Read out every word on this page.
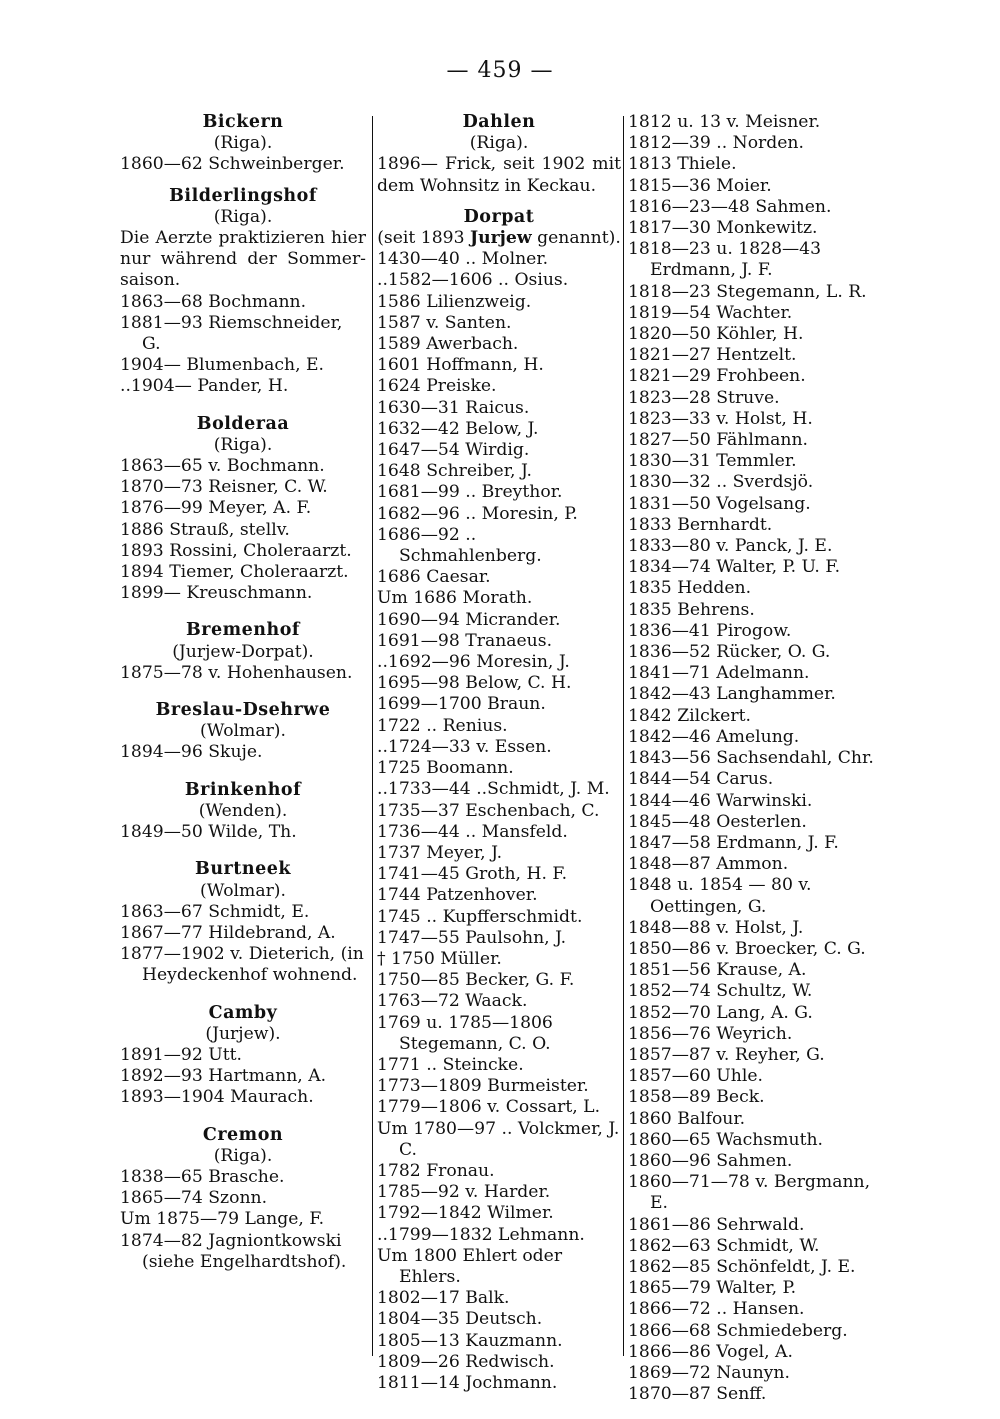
— 459 —
Bickern
(Riga).
1860—62 Schweinberger.
Bilderlingshof
(Riga).
Die Aerzte praktizieren hier nur während der Sommer-saison.
1863—68 Bochmann.
1881—93 Riemschneider, G.
1904— Blumenbach, E.
..1904— Pander, H.
Bolderaa
(Riga).
1863—65 v. Bochmann.
1870—73 Reisner, C. W.
1876—99 Meyer, A. F.
1886 Strauß, stellv.
1893 Rossini, Choleraarzt.
1894 Tiemer, Choleraarzt.
1899— Kreuschmann.
Bremenhof
(Jurjew-Dorpat).
1875—78 v. Hohenhausen.
Breslau-Dsehrwe
(Wolmar).
1894—96 Skuje.
Brinkenhof
(Wenden).
1849—50 Wilde, Th.
Burtneek
(Wolmar).
1863—67 Schmidt, E.
1867—77 Hildebrand, A.
1877—1902 v. Dieterich, (in Heydeckenhof wohnend.
Camby
(Jurjew).
1891—92 Utt.
1892—93 Hartmann, A.
1893—1904 Maurach.
Cremon
(Riga).
1838—65 Brasche.
1865—74 Szonn.
Um 1875—79 Lange, F.
1874—82 Jagniontkowski (siehe Engelhardtshof).
Dahlen
(Riga).
1896— Frick, seit 1902 mit dem Wohnsitz in Keckau.
Dorpat
(seit 1893 Jurjew genannt).
1430—40 .. Molner.
..1582—1606 .. Osius.
1586 Lilienzweig.
1587 v. Santen.
1589 Awerbach.
1601 Hoffmann, H.
1624 Preiske.
1630—31 Raicus.
1632—42 Below, J.
1647—54 Wirdig.
1648 Schreiber, J.
1681—99 .. Breythor.
1682—96 .. Moresin, P.
1686—92 .. Schmahlenberg.
1686 Caesar.
Um 1686 Morath.
1690—94 Micrander.
1691—98 Tranaeus.
..1692—96 Moresin, J.
1695—98 Below, C. H.
1699—1700 Braun.
1722 .. Renius.
..1724—33 v. Essen.
1725 Boomann.
..1733—44 ..Schmidt, J. M.
1735—37 Eschenbach, C.
1736—44 .. Mansfeld.
1737 Meyer, J.
1741—45 Groth, H. F.
1744 Patzenhover.
1745 .. Kupfferschmidt.
1747—55 Paulsohn, J.
† 1750 Müller.
1750—85 Becker, G. F.
1763—72 Waack.
1769 u. 1785—1806 Stegemann, C. O.
1771 .. Steincke.
1773—1809 Burmeister.
1779—1806 v. Cossart, L.
Um 1780—97 .. Volckmer, J. C.
1782 Fronau.
1785—92 v. Harder.
1792—1842 Wilmer.
..1799—1832 Lehmann.
Um 1800 Ehlert oder Ehlers.
1802—17 Balk.
1804—35 Deutsch.
1805—13 Kauzmann.
1809—26 Redwisch.
1811—14 Jochmann.
1812 u. 13 v. Meisner.
1812—39 .. Norden.
1813 Thiele.
1815—36 Moier.
1816—23—48 Sahmen.
1817—30 Monkewitz.
1818—23 u. 1828—43 Erdmann, J. F.
1818—23 Stegemann, L. R.
1819—54 Wachter.
1820—50 Köhler, H.
1821—27 Hentzelt.
1821—29 Frohbeen.
1823—28 Struve.
1823—33 v. Holst, H.
1827—50 Fählmann.
1830—31 Temmler.
1830—32 .. Sverdsjö.
1831—50 Vogelsang.
1833 Bernhardt.
1833—80 v. Panck, J. E.
1834—74 Walter, P. U. F.
1835 Hedden.
1835 Behrens.
1836—41 Pirogow.
1836—52 Rücker, O. G.
1841—71 Adelmann.
1842—43 Langhammer.
1842 Zilckert.
1842—46 Amelung.
1843—56 Sachsendahl, Chr.
1844—54 Carus.
1844—46 Warwinski.
1845—48 Oesterlen.
1847—58 Erdmann, J. F.
1848—87 Ammon.
1848 u. 1854 — 80 v. Oettingen, G.
1848—88 v. Holst, J.
1850—86 v. Broecker, C. G.
1851—56 Krause, A.
1852—74 Schultz, W.
1852—70 Lang, A. G.
1856—76 Weyrich.
1857—87 v. Reyher, G.
1857—60 Uhle.
1858—89 Beck.
1860 Balfour.
1860—65 Wachsmuth.
1860—96 Sahmen.
1860—71—78 v. Bergmann, E.
1861—86 Sehrwald.
1862—63 Schmidt, W.
1862—85 Schönfeldt, J. E.
1865—79 Walter, P.
1866—72 .. Hansen.
1866—68 Schmiedeberg.
1866—86 Vogel, A.
1869—72 Naunyn.
1870—87 Senff.
